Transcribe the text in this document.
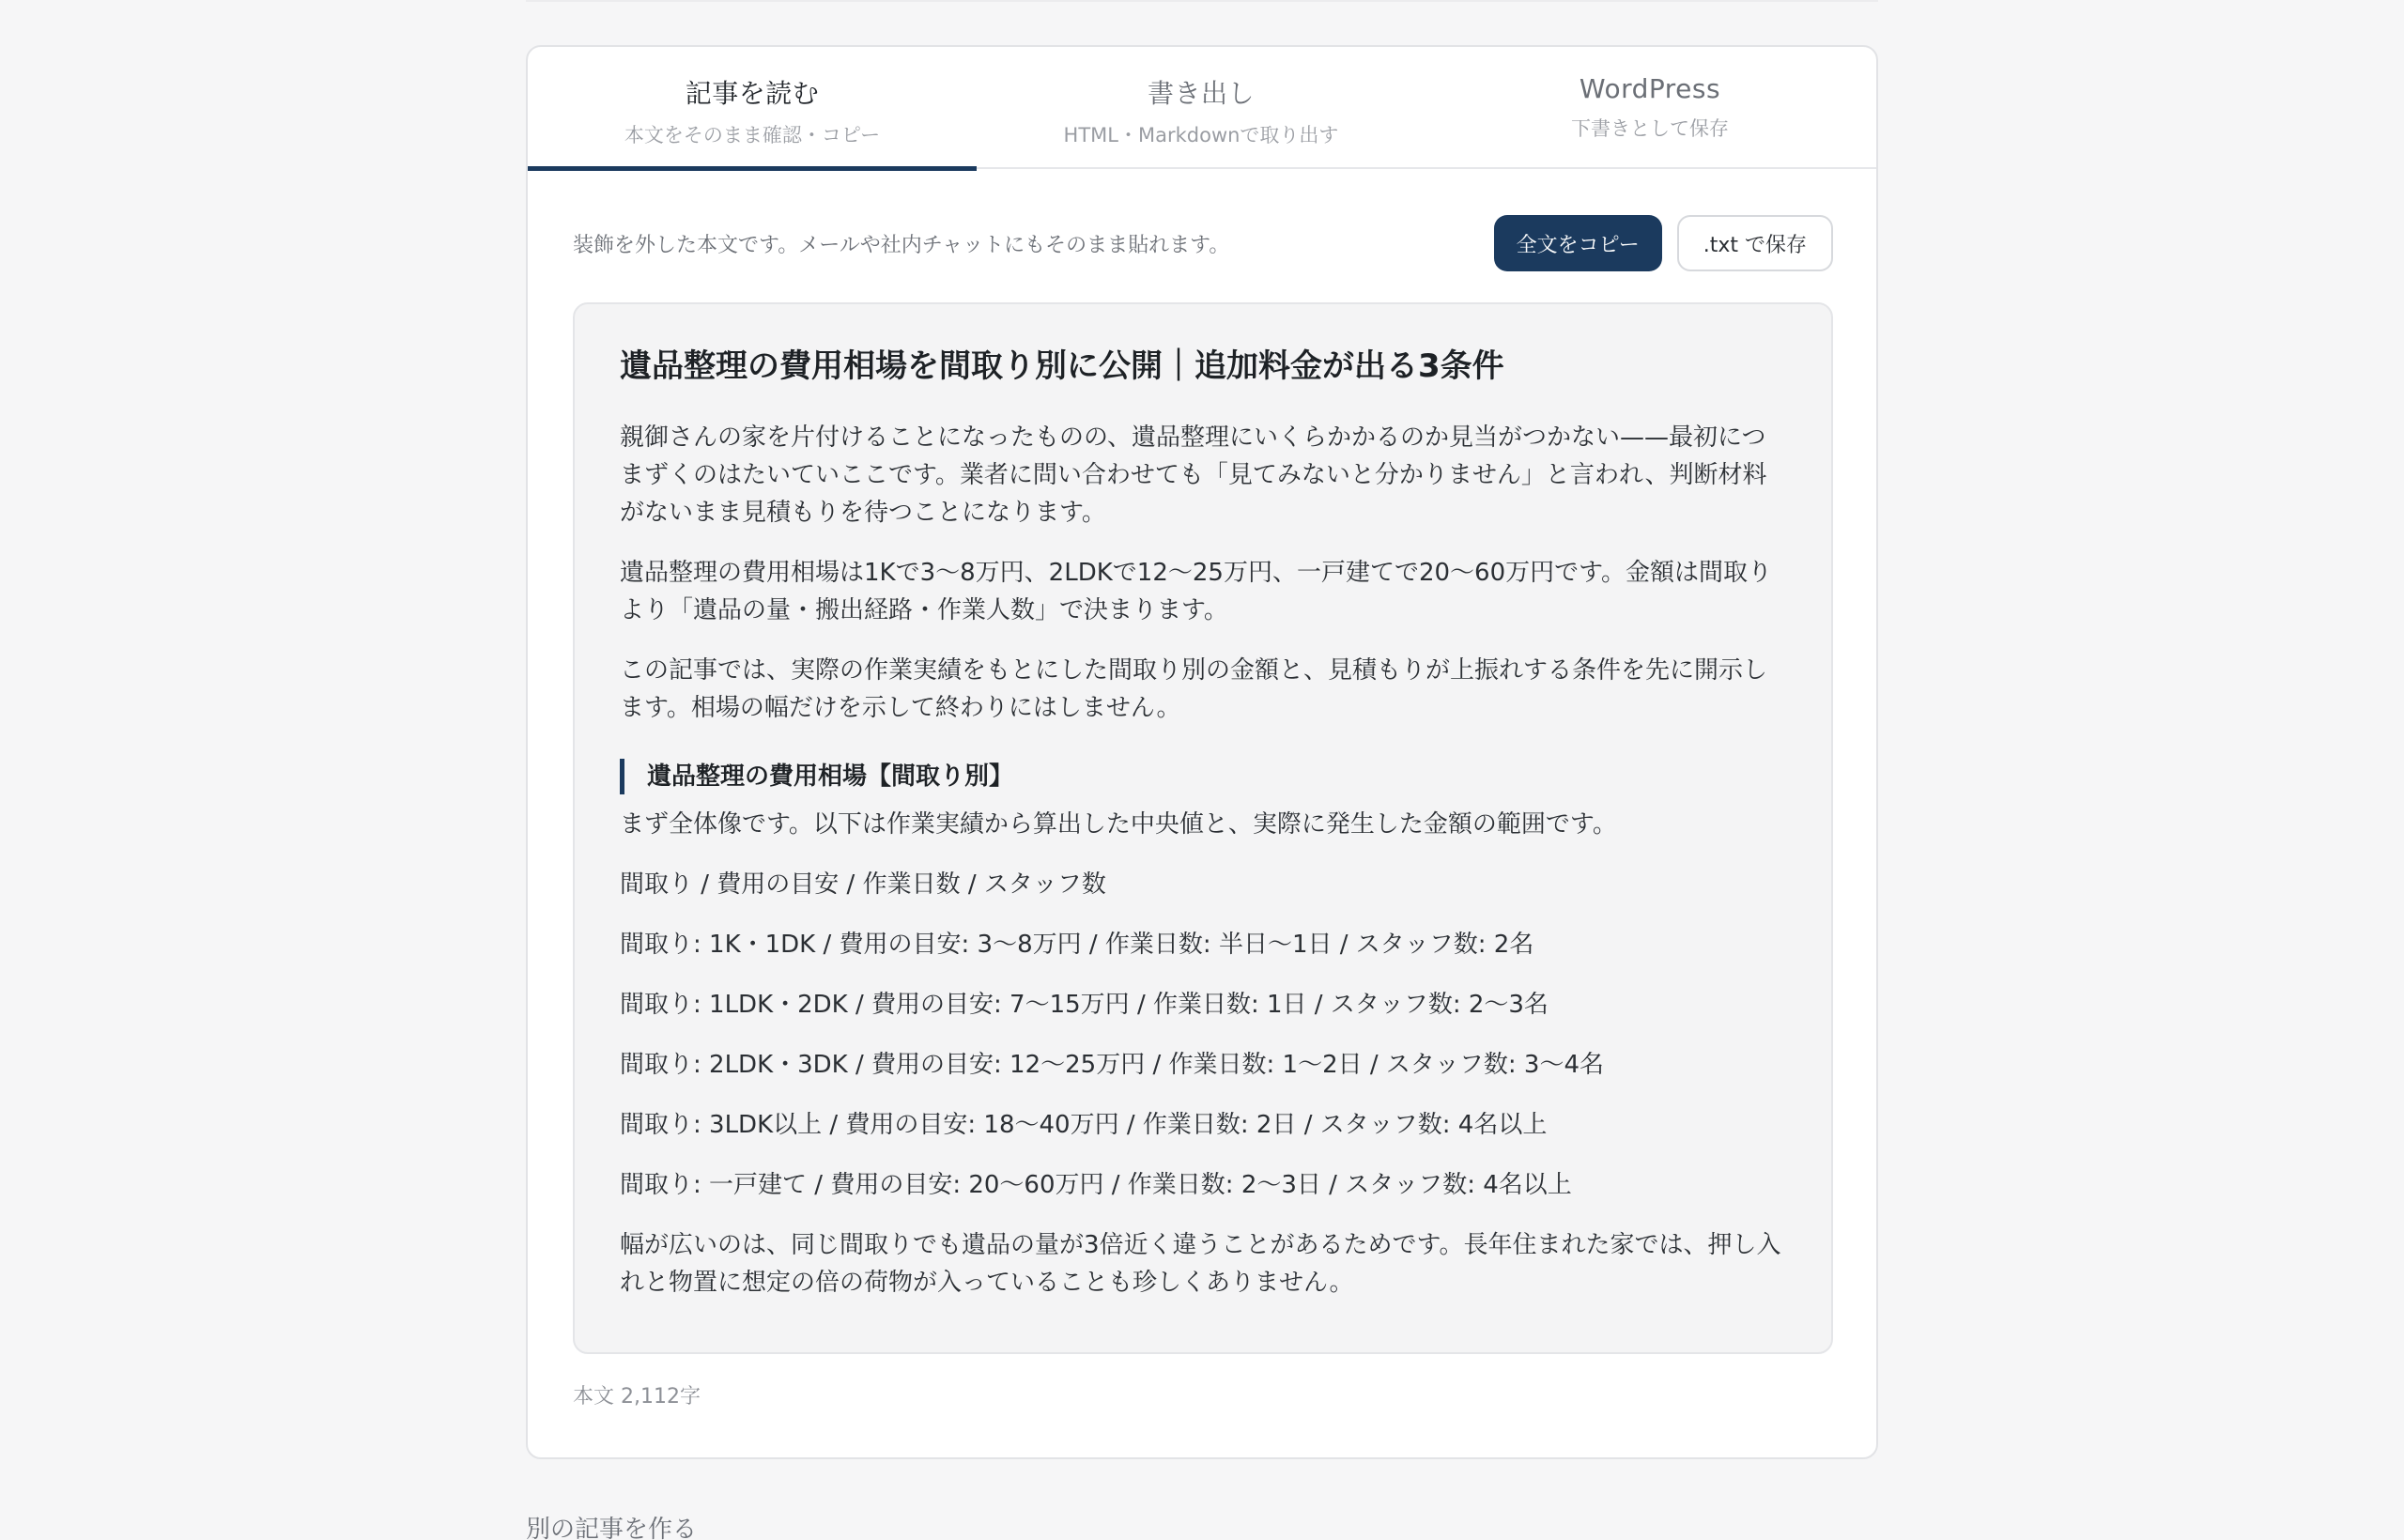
記事を読む
本文をそのまま確認・コピー
書き出し
HTML・Markdownで取り出す
WordPress
下書きとして保存
装飾を外した本文です。メールや社内チャットにもそのまま貼れます。	全文をコピー	.txt で保存
遺品整理の費用相場を間取り別に公開｜追加料金が出る3条件

親御さんの家を片付けることになったものの、遺品整理にいくらかかるのか見当がつかない——最初につまずくのはたいていここです。業者に問い合わせても「見てみないと分かりません」と言われ、判断材料がないまま見積もりを待つことになります。

遺品整理の費用相場は1Kで3〜8万円、2LDKで12〜25万円、一戸建てで20〜60万円です。金額は間取りより「遺品の量・搬出経路・作業人数」で決まります。

この記事では、実際の作業実績をもとにした間取り別の金額と、見積もりが上振れする条件を先に開示します。相場の幅だけを示して終わりにはしません。

遺品整理の費用相場【間取り別】

まず全体像です。以下は作業実績から算出した中央値と、実際に発生した金額の範囲です。

間取り / 費用の目安 / 作業日数 / スタッフ数

間取り: 1K・1DK / 費用の目安: 3〜8万円 / 作業日数: 半日〜1日 / スタッフ数: 2名

間取り: 1LDK・2DK / 費用の目安: 7〜15万円 / 作業日数: 1日 / スタッフ数: 2〜3名

間取り: 2LDK・3DK / 費用の目安: 12〜25万円 / 作業日数: 1〜2日 / スタッフ数: 3〜4名

間取り: 3LDK以上 / 費用の目安: 18〜40万円 / 作業日数: 2日 / スタッフ数: 4名以上

間取り: 一戸建て / 費用の目安: 20〜60万円 / 作業日数: 2〜3日 / スタッフ数: 4名以上

幅が広いのは、同じ間取りでも遺品の量が3倍近く違うことがあるためです。長年住まれた家では、押し入れと物置に想定の倍の荷物が入っていることも珍しくありません。

本文 2,112字
別の記事を作る
